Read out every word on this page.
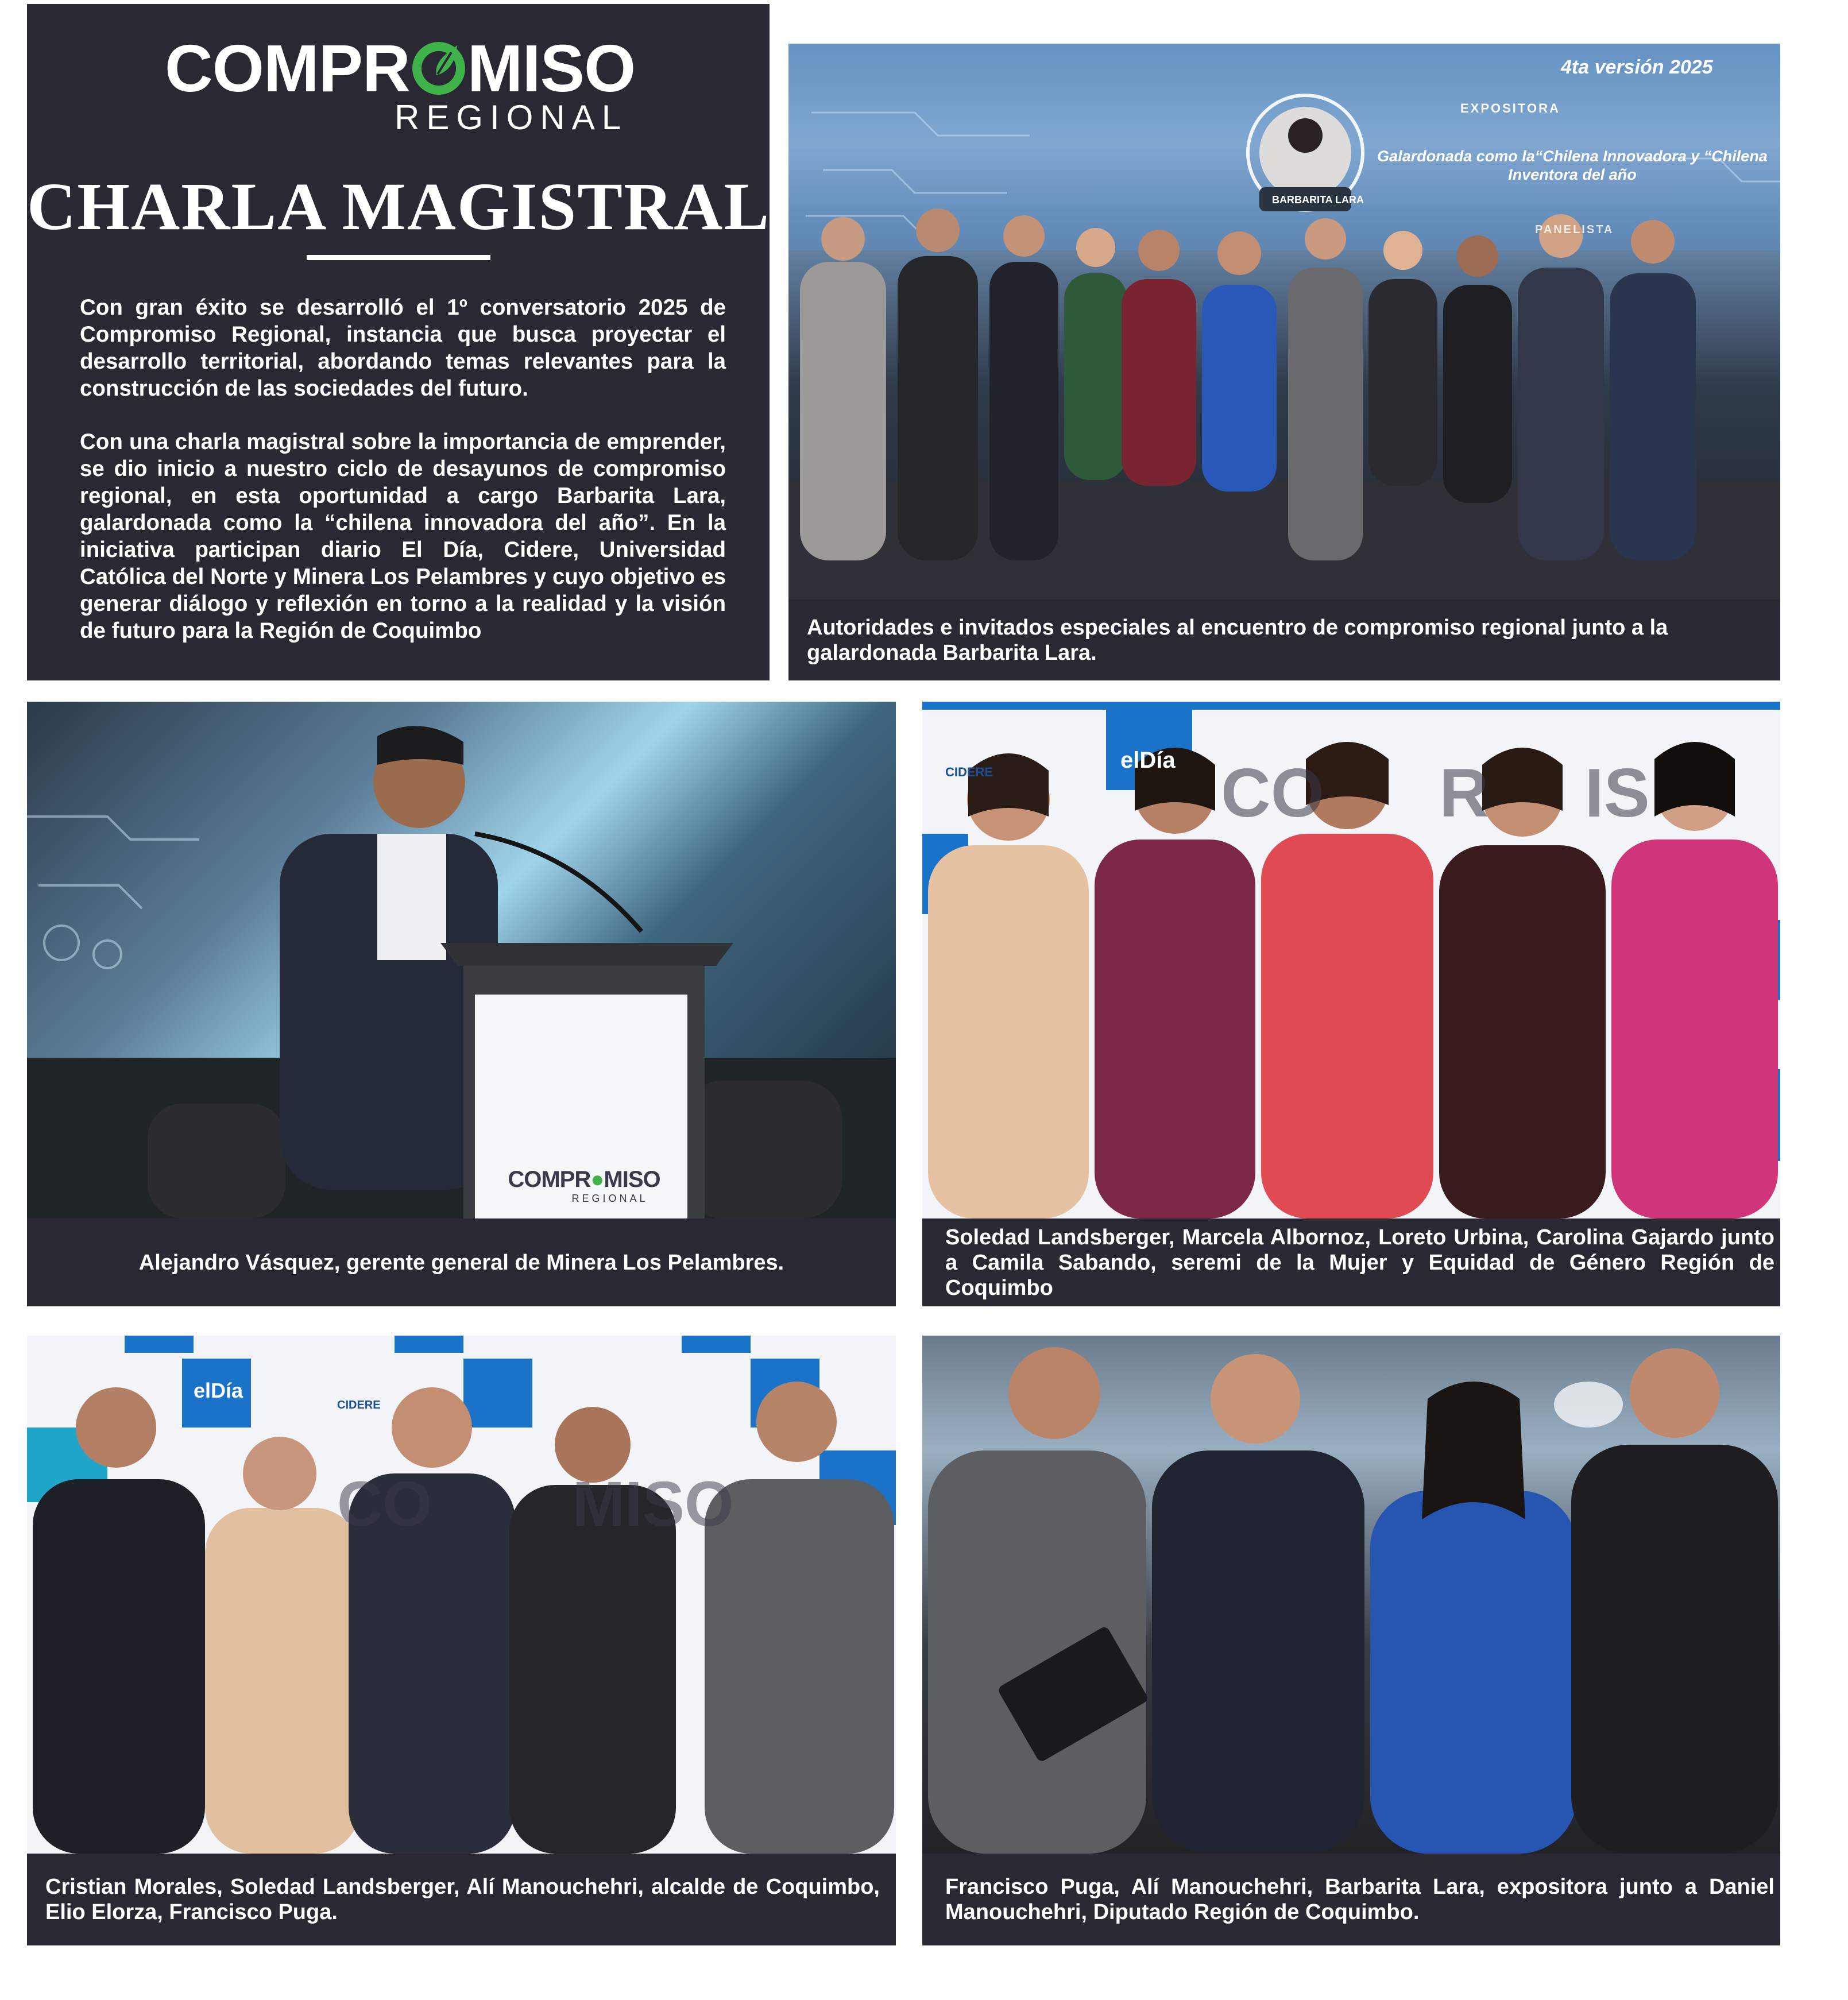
COMPR MISO
REGIONAL
CHARLA MAGISTRAL

Con gran éxito se desarrolló el 1º conversatorio 2025 de Compromiso Regional, instancia que busca proyectar el desarrollo territorial, abordando temas relevantes para la construcción de las sociedades del futuro.

Con una charla magistral sobre la importancia de emprender, se dio inicio a nuestro ciclo de desayunos de compromiso regional, en esta oportunidad a cargo Barbarita Lara, galardonada como la “chilena innovadora del año”. En la iniciativa participan diario El Día, Cidere, Universidad Católica del Norte y Minera Los Pelambres y cuyo objetivo es generar diálogo y reflexión en torno a la realidad y la visión de futuro para la Región de Coquimbo

4ta versión 2025
EXPOSITORA
BARBARITA LARA
PANELISTA
Galardonada como la“Chilena Innovadora y “Chilena Inventora del año
Autoridades e invitados especiales al encuentro de compromiso regional junto a la galardonada Barbarita Lara.
COMPR●MISO
REGIONAL
Alejandro Vásquez, gerente general de Minera Los Pelambres.
CIDERE	elDía CO R IS
Soledad Landsberger, Marcela Albornoz, Loreto Urbina, Carolina Gajardo junto a Camila Sabando, seremi de la Mujer y Equidad de Género Región de Coquimbo
elDía
CIDERE
CO MISO
Cristian Morales, Soledad Landsberger, Alí Manouchehri, alcalde de Coquimbo, Elio Elorza, Francisco Puga.
Francisco Puga, Alí Manouchehri, Barbarita Lara, expositora junto a Daniel Manouchehri, Diputado Región de Coquimbo.
